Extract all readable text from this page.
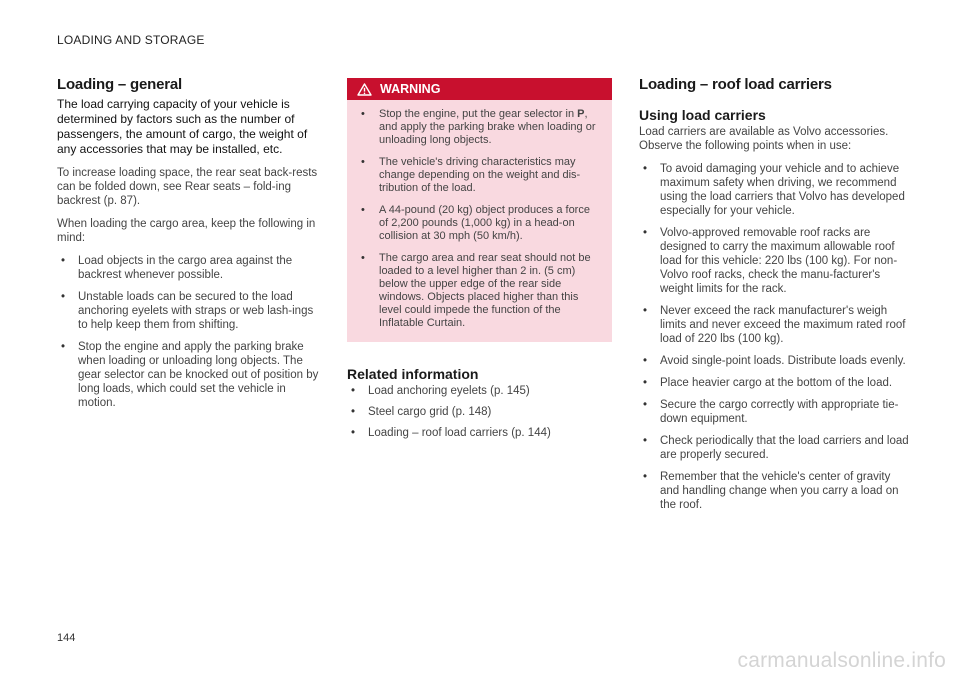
LOADING AND STORAGE
Loading – general
The load carrying capacity of your vehicle is determined by factors such as the number of passengers, the amount of cargo, the weight of any accessories that may be installed, etc.

To increase loading space, the rear seat back-rests can be folded down, see Rear seats – fold-ing backrest (p. 87).

When loading the cargo area, keep the following in mind:

• Load objects in the cargo area against the backrest whenever possible.
• Unstable loads can be secured to the load anchoring eyelets with straps or web lash-ings to help keep them from shifting.
• Stop the engine and apply the parking brake when loading or unloading long objects. The gear selector can be knocked out of position by long loads, which could set the vehicle in motion.
WARNING
• Stop the engine, put the gear selector in P, and apply the parking brake when loading or unloading long objects.
• The vehicle's driving characteristics may change depending on the weight and dis-tribution of the load.
• A 44-pound (20 kg) object produces a force of 2,200 pounds (1,000 kg) in a head-on collision at 30 mph (50 km/h).
• The cargo area and rear seat should not be loaded to a level higher than 2 in. (5 cm) below the upper edge of the rear side windows. Objects placed higher than this level could impede the function of the Inflatable Curtain.
Related information
• Load anchoring eyelets (p. 145)
• Steel cargo grid (p. 148)
• Loading – roof load carriers (p. 144)
Loading – roof load carriers
Using load carriers

Load carriers are available as Volvo accessories. Observe the following points when in use:

• To avoid damaging your vehicle and to achieve maximum safety when driving, we recommend using the load carriers that Volvo has developed especially for your vehicle.
• Volvo-approved removable roof racks are designed to carry the maximum allowable roof load for this vehicle: 220 lbs (100 kg). For non-Volvo roof racks, check the manu-facturer's weight limits for the rack.
• Never exceed the rack manufacturer's weigh limits and never exceed the maximum rated roof load of 220 lbs (100 kg).
• Avoid single-point loads. Distribute loads evenly.
• Place heavier cargo at the bottom of the load.
• Secure the cargo correctly with appropriate tie-down equipment.
• Check periodically that the load carriers and load are properly secured.
• Remember that the vehicle's center of gravity and handling change when you carry a load on the roof.
144
carmanualsonline.info
